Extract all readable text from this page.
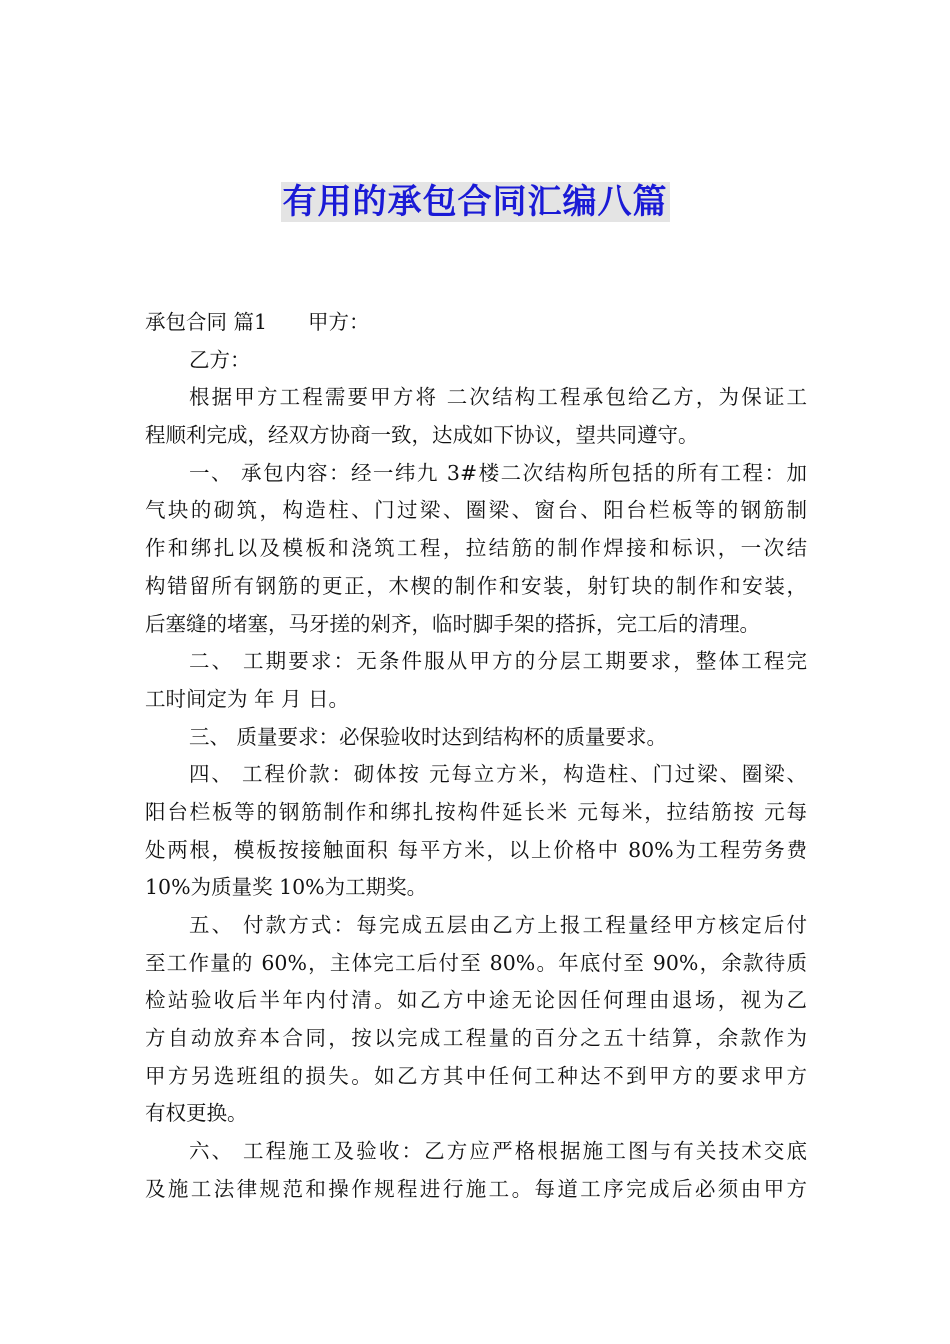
有用的承包合同汇编八篇
承包合同 篇1　　甲方：
乙方：
根据甲方工程需要甲方将 二次结构工程承包给乙方，为保证工
程顺利完成，经双方协商一致，达成如下协议，望共同遵守。
一、 承包内容：经一纬九 3#楼二次结构所包括的所有工程：加
气块的砌筑，构造柱、门过梁、圈梁、窗台、阳台栏板等的钢筋制
作和绑扎以及模板和浇筑工程，拉结筋的制作焊接和标识，一次结
构错留所有钢筋的更正，木楔的制作和安装，射钉块的制作和安装，
后塞缝的堵塞，马牙搓的剁齐，临时脚手架的搭拆，完工后的清理。
二、 工期要求：无条件服从甲方的分层工期要求，整体工程完
工时间定为 年 月 日。
三、 质量要求：必保验收时达到结构杯的质量要求。
四、 工程价款：砌体按 元每立方米，构造柱、门过梁、圈梁、
阳台栏板等的钢筋制作和绑扎按构件延长米 元每米，拉结筋按 元每
处两根，模板按接触面积 每平方米，以上价格中 80%为工程劳务费
10%为质量奖 10%为工期奖。
五、 付款方式：每完成五层由乙方上报工程量经甲方核定后付
至工作量的 60%，主体完工后付至 80%。年底付至 90%，余款待质
检站验收后半年内付清。如乙方中途无论因任何理由退场，视为乙
方自动放弃本合同，按以完成工程量的百分之五十结算，余款作为
甲方另选班组的损失。如乙方其中任何工种达不到甲方的要求甲方
有权更换。
六、 工程施工及验收：乙方应严格根据施工图与有关技术交底
及施工法律规范和操作规程进行施工。每道工序完成后必须由甲方
